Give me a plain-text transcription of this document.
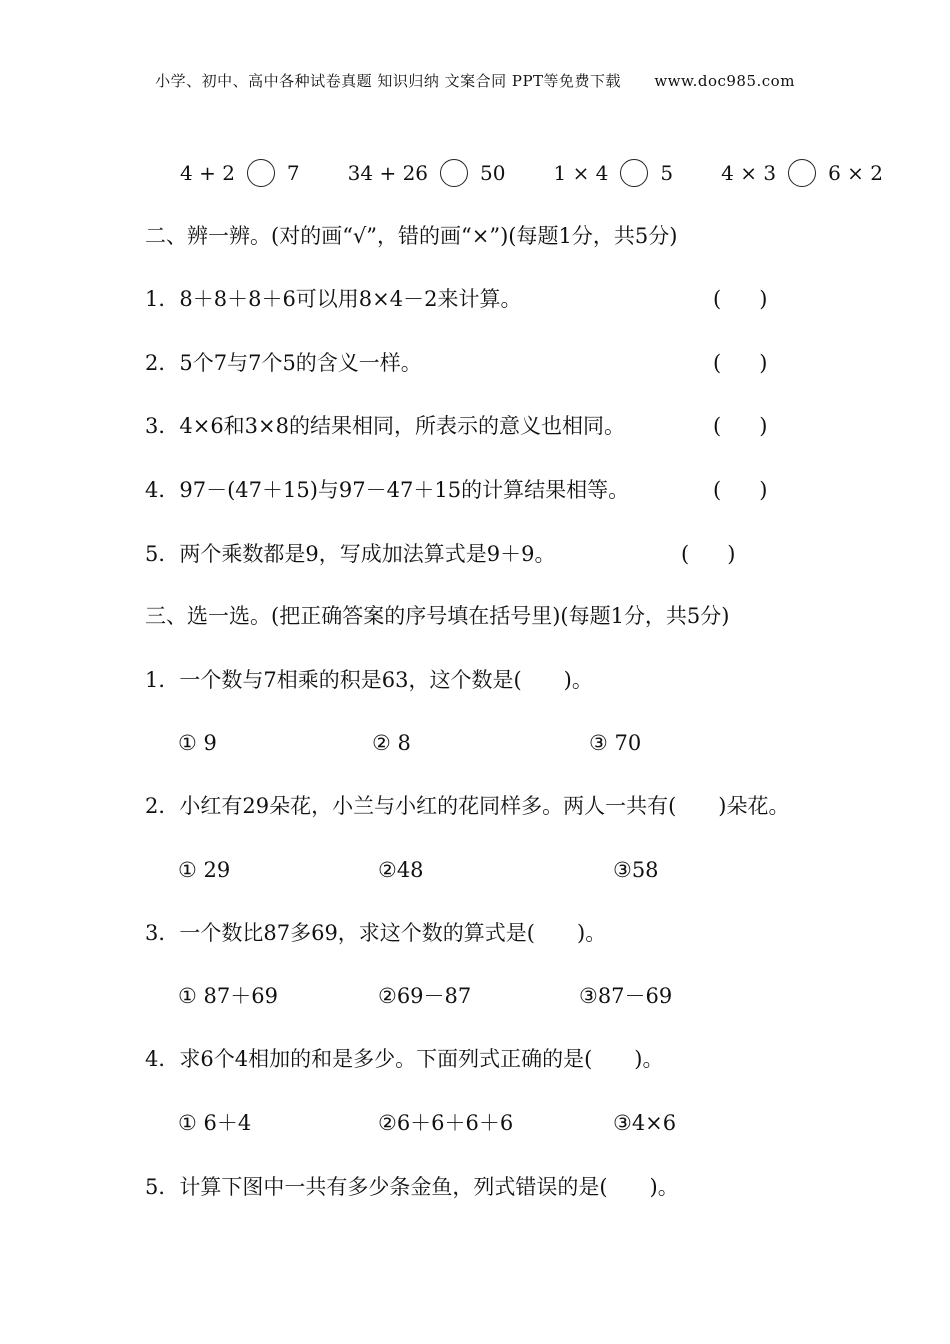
小学、初中、高中各种试卷真题 知识归纳 文案合同 PPT等免费下载 www.doc985.com
4 + 2	7 34 + 26	50 1 × 4	5 4 × 3	6 × 2
二、辨一辨。(对的画“√”，错的画“×”)(每题1分，共5分)
1．8＋8＋8＋6可以用8×4－2来计算。	( )
2．5个7与7个5的含义一样。	( )
3．4×6和3×8的结果相同，所表示的意义也相同。	( )
4．97－(47＋15)与97－47＋15的计算结果相等。	( )
5．两个乘数都是9，写成加法算式是9＋9。	( )
三、选一选。(把正确答案的序号填在括号里)(每题1分，共5分)
1．一个数与7相乘的积是63，这个数是(　　)。
① 9	② 8	③ 70
2．小红有29朵花，小兰与小红的花同样多。两人一共有(　　)朵花。
① 29	②48	③58
3．一个数比87多69，求这个数的算式是(　　)。
① 87＋69	②69－87	③87－69
4．求6个4相加的和是多少。下面列式正确的是(　　)。
① 6＋4	②6＋6＋6＋6	③4×6
5．计算下图中一共有多少条金鱼，列式错误的是(　　)。
